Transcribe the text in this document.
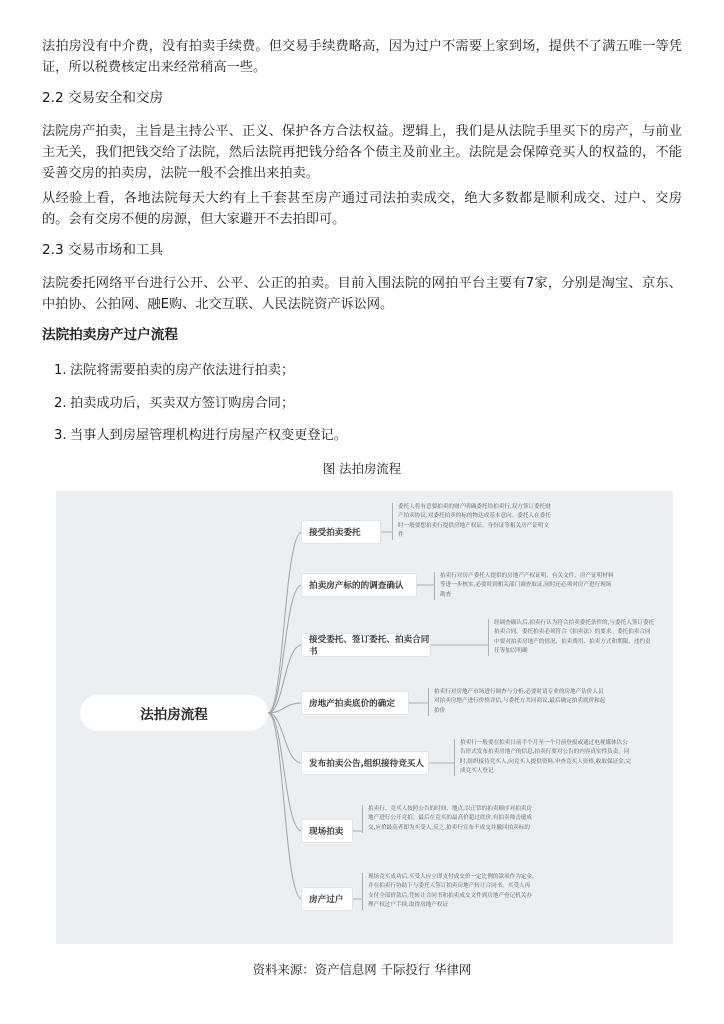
法拍房没有中介费，没有拍卖手续费。但交易手续费略高，因为过户不需要上家到场，提供不了满五唯一等凭证，所以税费核定出来经常稍高一些。

2.2 交易安全和交房

法院房产拍卖，主旨是主持公平、正义、保护各方合法权益。逻辑上，我们是从法院手里买下的房产，与前业主无关，我们把钱交给了法院，然后法院再把钱分给各个债主及前业主。法院是会保障竞买人的权益的，不能妥善交房的拍卖房，法院一般不会推出来拍卖。

从经验上看，各地法院每天大约有上千套甚至房产通过司法拍卖成交，绝大多数都是顺利成交、过户、交房的。会有交房不便的房源，但大家避开不去拍即可。

2.3 交易市场和工具

法院委托网络平台进行公开、公平、公正的拍卖。目前入围法院的网拍平台主要有7家，分别是淘宝、京东、中拍协、公拍网、融E购、北交互联、人民法院资产诉讼网。

法院拍卖房产过户流程

1. 法院将需要拍卖的房产依法进行拍卖；

2. 拍卖成功后，买卖双方签订购房合同；

3. 当事人到房屋管理机构进行房屋产权变更登记。

图 法拍房流程
法拍房流程
接受拍卖委托
委托人将有意要拍卖的财产明确委托给拍卖行,双方签订委托财产拍卖协议,对委托拍卖的标的物达成基本意向。委托人在委托时一般要想拍卖行提供房地产权证、身份证等相关房产证明文件
拍卖房产标的的调查确认
拍卖行对房产委托人提供的房地产产权证明、有关文件、房产证明材料等进一步核实,必要时到相关部门调查取证,同时还必须对房产进行现场勘查
接受委托、签订委托、拍卖合同书
经调查确认后,拍卖行认为符合拍卖委托条件的,与委托人签订委托拍卖合同。委托拍卖必须符合《拍卖法》的要求。委托拍卖合同中要对拍卖房地产的情况、拍卖费用、拍卖方式和期限、违约责任等加以明确
房地产拍卖底价的确定
拍卖行对房地产市场进行调查与分析,必要时请专业的房地产估价人员对拍卖房地产进行价格评估,与委托方共同商议,最后确定拍卖底价和起拍价
发布拍卖公告,组织接待竞买人
拍卖行一般要在拍卖日前半个月至一个月前登报或通过电视媒体以公告形式发布拍卖房地产的信息,拍卖行要对公告的内容真实性负责。同时,组织接待竞买人,向竞买人提供资料,审查竞买人资格,收取保证金,完成竞买人登记
现场拍卖
拍卖行、竞买人按照公告的时间、地点,以正常的拍卖顺序对拍卖房地产进行公开竞拍。最后在竞买的最高价超过底价,有拍卖师击槌成交,应价最高者即为买受人,反之,拍卖行宣布不成交并撤回拍卖标的
房产过户
现场竞买成功后,买受人应立即支付成交价一定比例的款项作为定金,并在拍卖行协助下与委托人签订拍卖房地产转让合同书。买受人再支付全部价款后,凭转让合同书和拍卖成交文件到房地产登记机关办理产权过户手续,取得房地产权证
资料来源：资产信息网 千际投行 华律网
